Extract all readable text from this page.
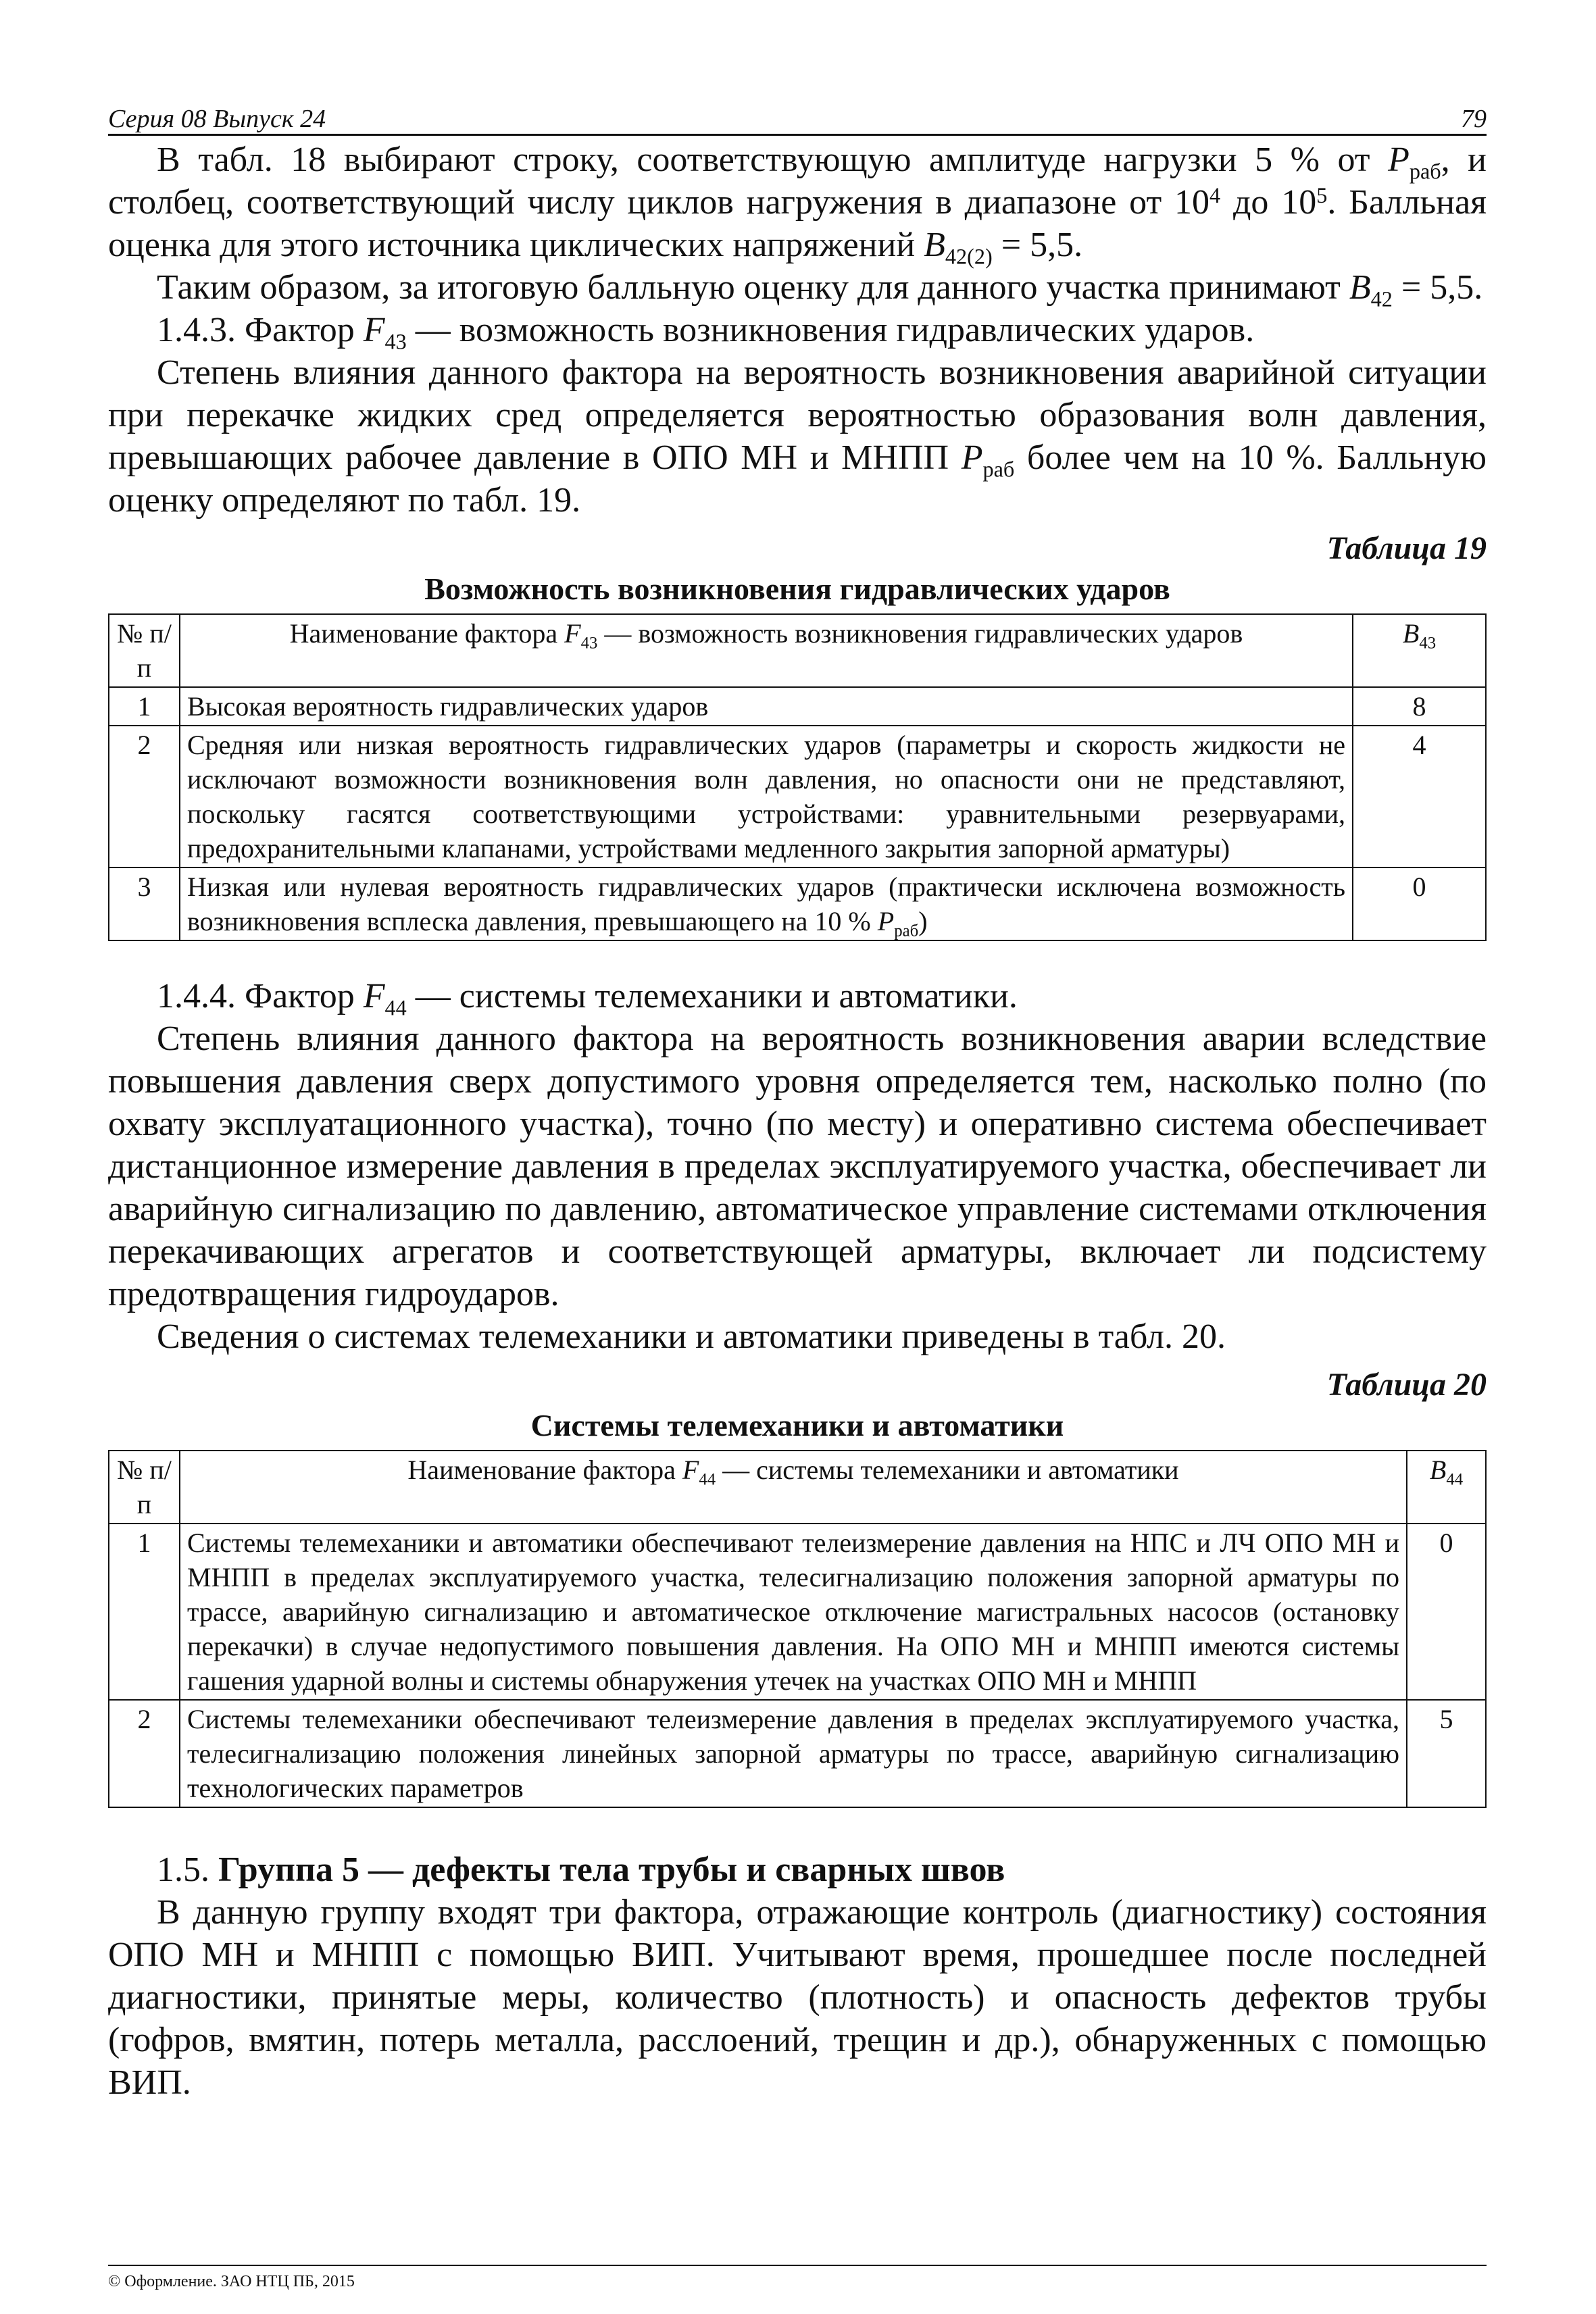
Серия 08 Выпуск 24	79

В табл. 18 выбирают строку, соответствующую амплитуде нагрузки 5 % от $P_{раб}$, и столбец, соответствующий числу циклов нагружения в диапазоне от $10^4$ до $10^5$. Балльная оценка для этого источника циклических напряжений $B_{42(2)} = 5,5$.

Таким образом, за итоговую балльную оценку для данного участка принимают $B_{42} = 5,5$.

1.4.3. Фактор $F_{43}$ — возможность возникновения гидравлических ударов.

Степень влияния данного фактора на вероятность возникновения аварийной ситуации при перекачке жидких сред определяется вероятностью образования волн давления, превышающих рабочее давление в ОПО МН и МНПП $P_{раб}$ более чем на 10 %. Балльную оценку определяют по табл. 19.

Таблица 19
Возможность возникновения гидравлических ударов
№ п/п	Наименование фактора $F_{43}$ — возможность возникновения гидравлических ударов	$B_{43}$
1	Высокая вероятность гидравлических ударов	8
2	Средняя или низкая вероятность гидравлических ударов (параметры и скорость жидкости не исключают возможности возникновения волн давления, но опасности они не представляют, поскольку гасятся соответствующими устройствами: уравнительными резервуарами, предохранительными клапанами, устройствами медленного закрытия запорной арматуры)	4
3	Низкая или нулевая вероятность гидравлических ударов (практически исключена возможность возникновения всплеска давления, превышающего на 10 % $P_{раб}$)	0

1.4.4. Фактор $F_{44}$ — системы телемеханики и автоматики.

Степень влияния данного фактора на вероятность возникновения аварии вследствие повышения давления сверх допустимого уровня определяется тем, насколько полно (по охвату эксплуатационного участка), точно (по месту) и оперативно система обеспечивает дистанционное измерение давления в пределах эксплуатируемого участка, обеспечивает ли аварийную сигнализацию по давлению, автоматическое управление системами отключения перекачивающих агрегатов и соответствующей арматуры, включает ли подсистему предотвращения гидроударов.

Сведения о системах телемеханики и автоматики приведены в табл. 20.

Таблица 20
Системы телемеханики и автоматики
№ п/п	Наименование фактора $F_{44}$ — системы телемеханики и автоматики	$B_{44}$
1	Системы телемеханики и автоматики обеспечивают телеизмерение давления на НПС и ЛЧ ОПО МН и МНПП в пределах эксплуатируемого участка, телесигнализацию положения запорной арматуры по трассе, аварийную сигнализацию и автоматическое отключение магистральных насосов (остановку перекачки) в случае недопустимого повышения давления. На ОПО МН и МНПП имеются системы гашения ударной волны и системы обнаружения утечек на участках ОПО МН и МНПП	0
2	Системы телемеханики обеспечивают телеизмерение давления в пределах эксплуатируемого участка, телесигнализацию положения линейных запорной арматуры по трассе, аварийную сигнализацию технологических параметров	5

1.5. Группа 5 — дефекты тела трубы и сварных швов

В данную группу входят три фактора, отражающие контроль (диагностику) состояния ОПО МН и МНПП с помощью ВИП. Учитывают время, прошедшее после последней диагностики, принятые меры, количество (плотность) и опасность дефектов трубы (гофров, вмятин, потерь металла, расслоений, трещин и др.), обнаруженных с помощью ВИП.

© Оформление. ЗАО НТЦ ПБ, 2015
